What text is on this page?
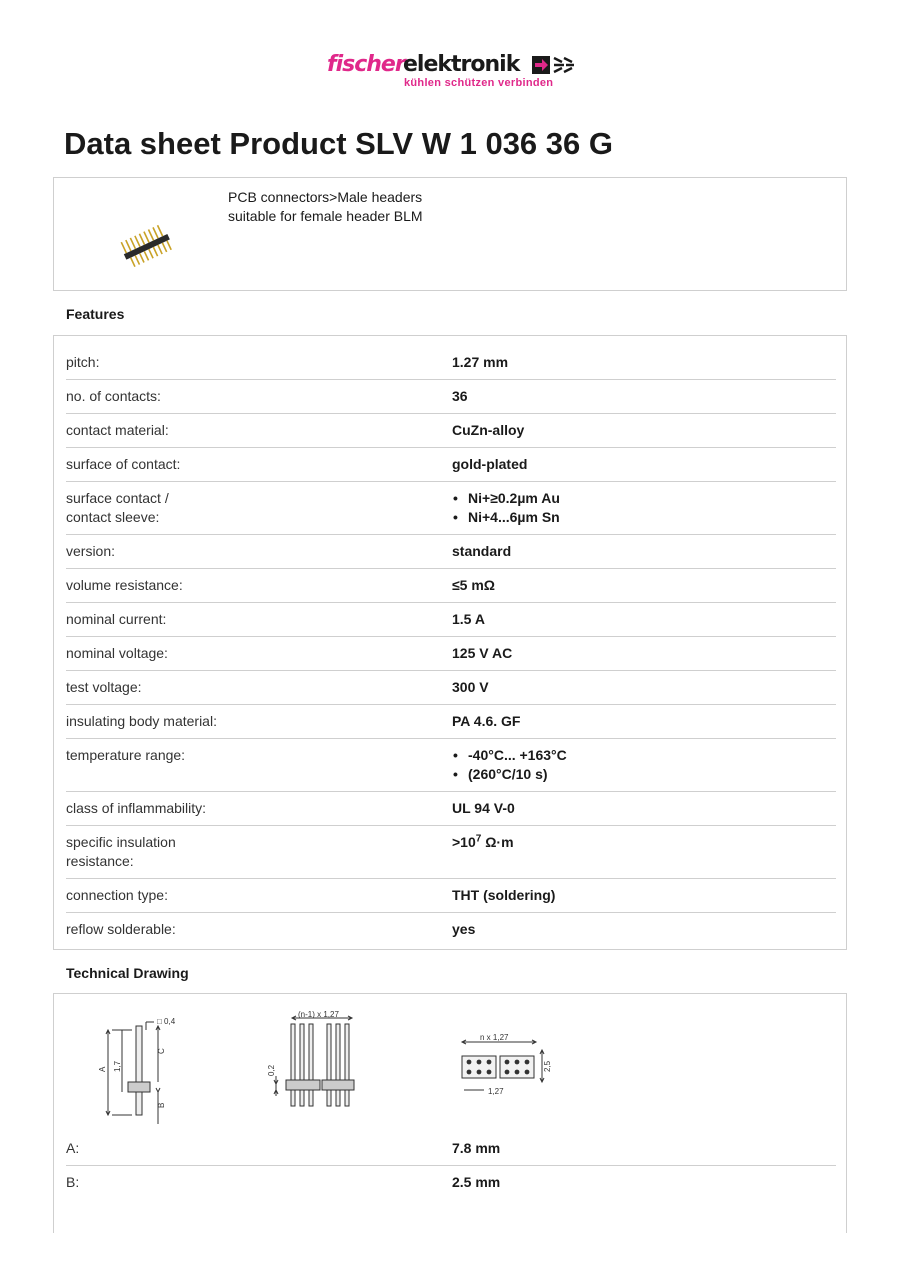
fischer
elektronik
kühlen schützen verbinden
Data sheet Product SLV W 1 036 36 G
PCB connectors>Male headers
suitable for female header BLM
Features
pitch:	1.27 mm
no. of contacts:	36
contact material:	CuZn-alloy
surface of contact:	gold-plated
surface contact /
contact sleeve:
• Ni+≥0.2µm Au
• Ni+4...6µm Sn
version:	standard
volume resistance:	≤5 mΩ
nominal current:	1.5 A
nominal voltage:	125 V AC
test voltage:	300 V
insulating body material:	PA 4.6. GF
temperature range:
•	-40°C... +163°C
• (260°C/10 s)
class of inflammability:	UL 94 V-0
specific insulation
resistance:
$>10^7$ Ω·m
connection type:	THT (soldering)
reflow solderable:	yes
Technical Drawing
□ 0,4
A 1,7
C
B
(n-1) x 1,27
0,2
n x 1,27
2,5
1,27
A:	7.8 mm
B:	2.5 mm
